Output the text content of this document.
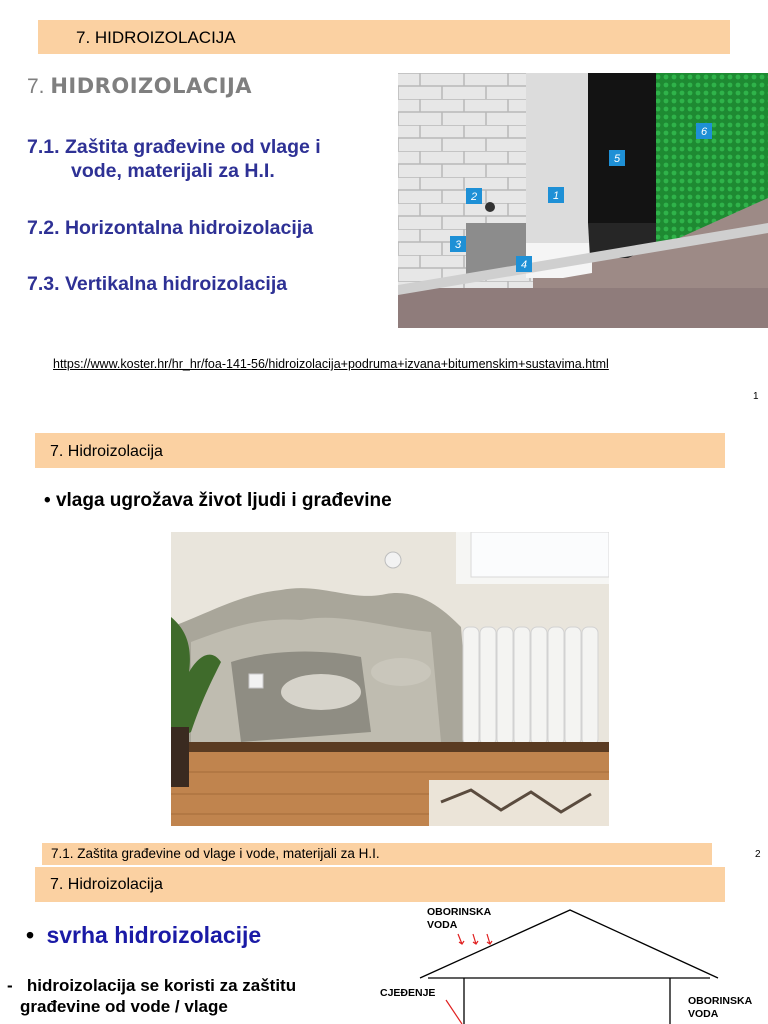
7. HIDROIZOLACIJA
7. HIDROIZOLACIJA
7.1. Zaštita građevine od vlage i
vode, materijali za H.I.
7.2. Horizontalna hidroizolacija
7.3. Vertikalna hidroizolacija
1
2
3
4
5
6
https://www.koster.hr/hr_hr/foa-141-56/hidroizolacija+podruma+izvana+bitumenskim+sustavima.html
1
7. Hidroizolacija
• vlaga ugrožava život ljudi i građevine
7.1. Zaštita građevine od vlage i vode, materijali za H.I.	2
7. Hidroizolacija
• svrha hidroizolacije
- hidroizolacija se koristi za zaštitu
građevine od vode / vlage
OBORINSKA
VODA
CJEĐENJE
OBORINSKA
VODA
